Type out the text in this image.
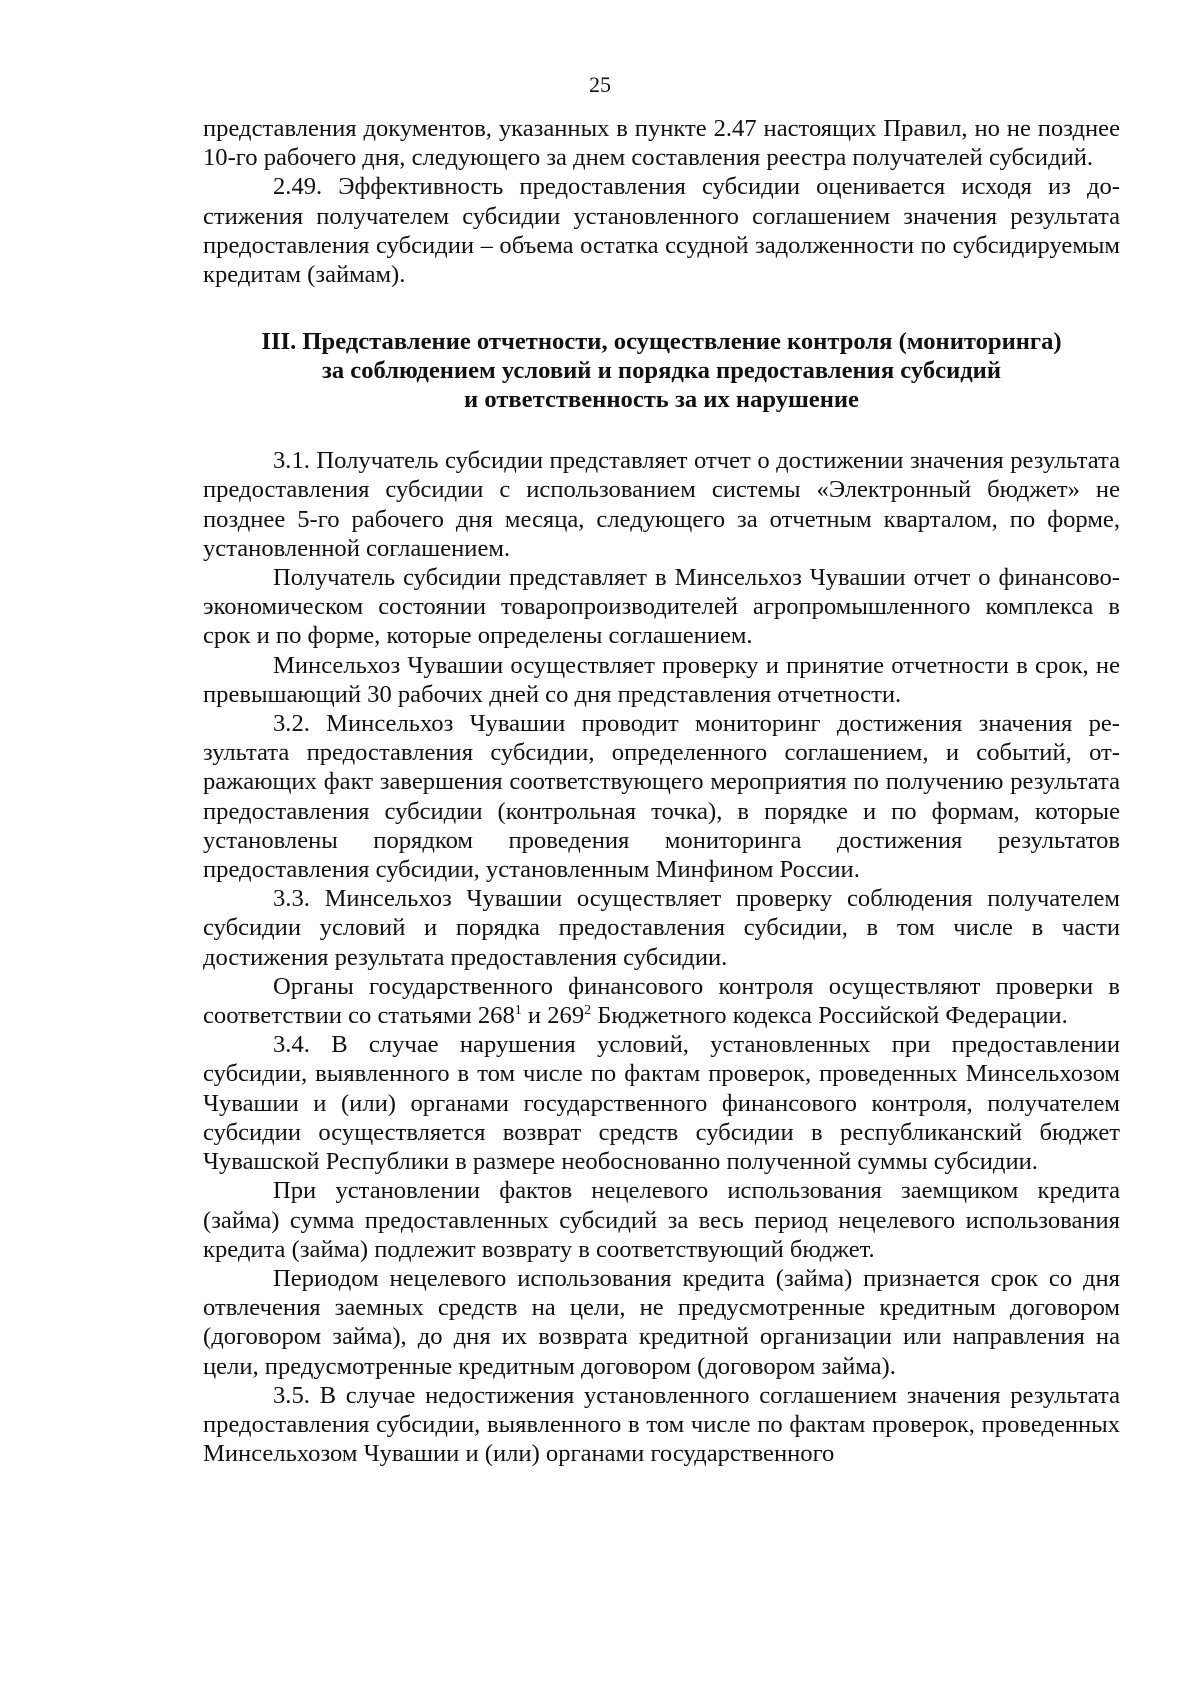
25

представления документов, указанных в пункте 2.47 настоящих Правил, но не позднее 10-го рабочего дня, следующего за днем составления реестра получателей субсидий.

2.49. Эффективность предоставления субсидии оценивается исходя из достижения получателем субсидии установленного соглашением значения результата предоставления субсидии – объема остатка ссудной задолженности по субсидируемым кредитам (займам).

III. Представление отчетности, осуществление контроля (мониторинга)
за соблюдением условий и порядка предоставления субсидий
и ответственность за их нарушение

3.1. Получатель субсидии представляет отчет о достижении значения результата предоставления субсидии с использованием системы «Электронный бюджет» не позднее 5-го рабочего дня месяца, следующего за отчетным кварталом, по форме, установленной соглашением.

Получатель субсидии представляет в Минсельхоз Чувашии отчет о финансово-экономическом состоянии товаропроизводителей агропромышленного комплекса в срок и по форме, которые определены соглашением.

Минсельхоз Чувашии осуществляет проверку и принятие отчетности в срок, не превышающий 30 рабочих дней со дня представления отчетности.

3.2. Минсельхоз Чувашии проводит мониторинг достижения значения результата предоставления субсидии, определенного соглашением, и событий, отражающих факт завершения соответствующего мероприятия по получению результата предоставления субсидии (контрольная точка), в порядке и по формам, которые установлены порядком проведения мониторинга достижения результатов предоставления субсидии, установленным Минфином России.

3.3. Минсельхоз Чувашии осуществляет проверку соблюдения получателем субсидии условий и порядка предоставления субсидии, в том числе в части достижения результата предоставления субсидии.

Органы государственного финансового контроля осуществляют проверки в соответствии со статьями $268^1$ и $269^2$ Бюджетного кодекса Российской Федерации.

3.4. В случае нарушения условий, установленных при предоставлении субсидии, выявленного в том числе по фактам проверок, проведенных Минсельхозом Чувашии и (или) органами государственного финансового контроля, получателем субсидии осуществляется возврат средств субсидии в республиканский бюджет Чувашской Республики в размере необоснованно полученной суммы субсидии.

При установлении фактов нецелевого использования заемщиком кредита (займа) сумма предоставленных субсидий за весь период нецелевого использования кредита (займа) подлежит возврату в соответствующий бюджет.

Периодом нецелевого использования кредита (займа) признается срок со дня отвлечения заемных средств на цели, не предусмотренные кредитным договором (договором займа), до дня их возврата кредитной организации или направления на цели, предусмотренные кредитным договором (договором займа).

3.5. В случае недостижения установленного соглашением значения результата предоставления субсидии, выявленного в том числе по фактам проверок, проведенных Минсельхозом Чувашии и (или) органами государственного
